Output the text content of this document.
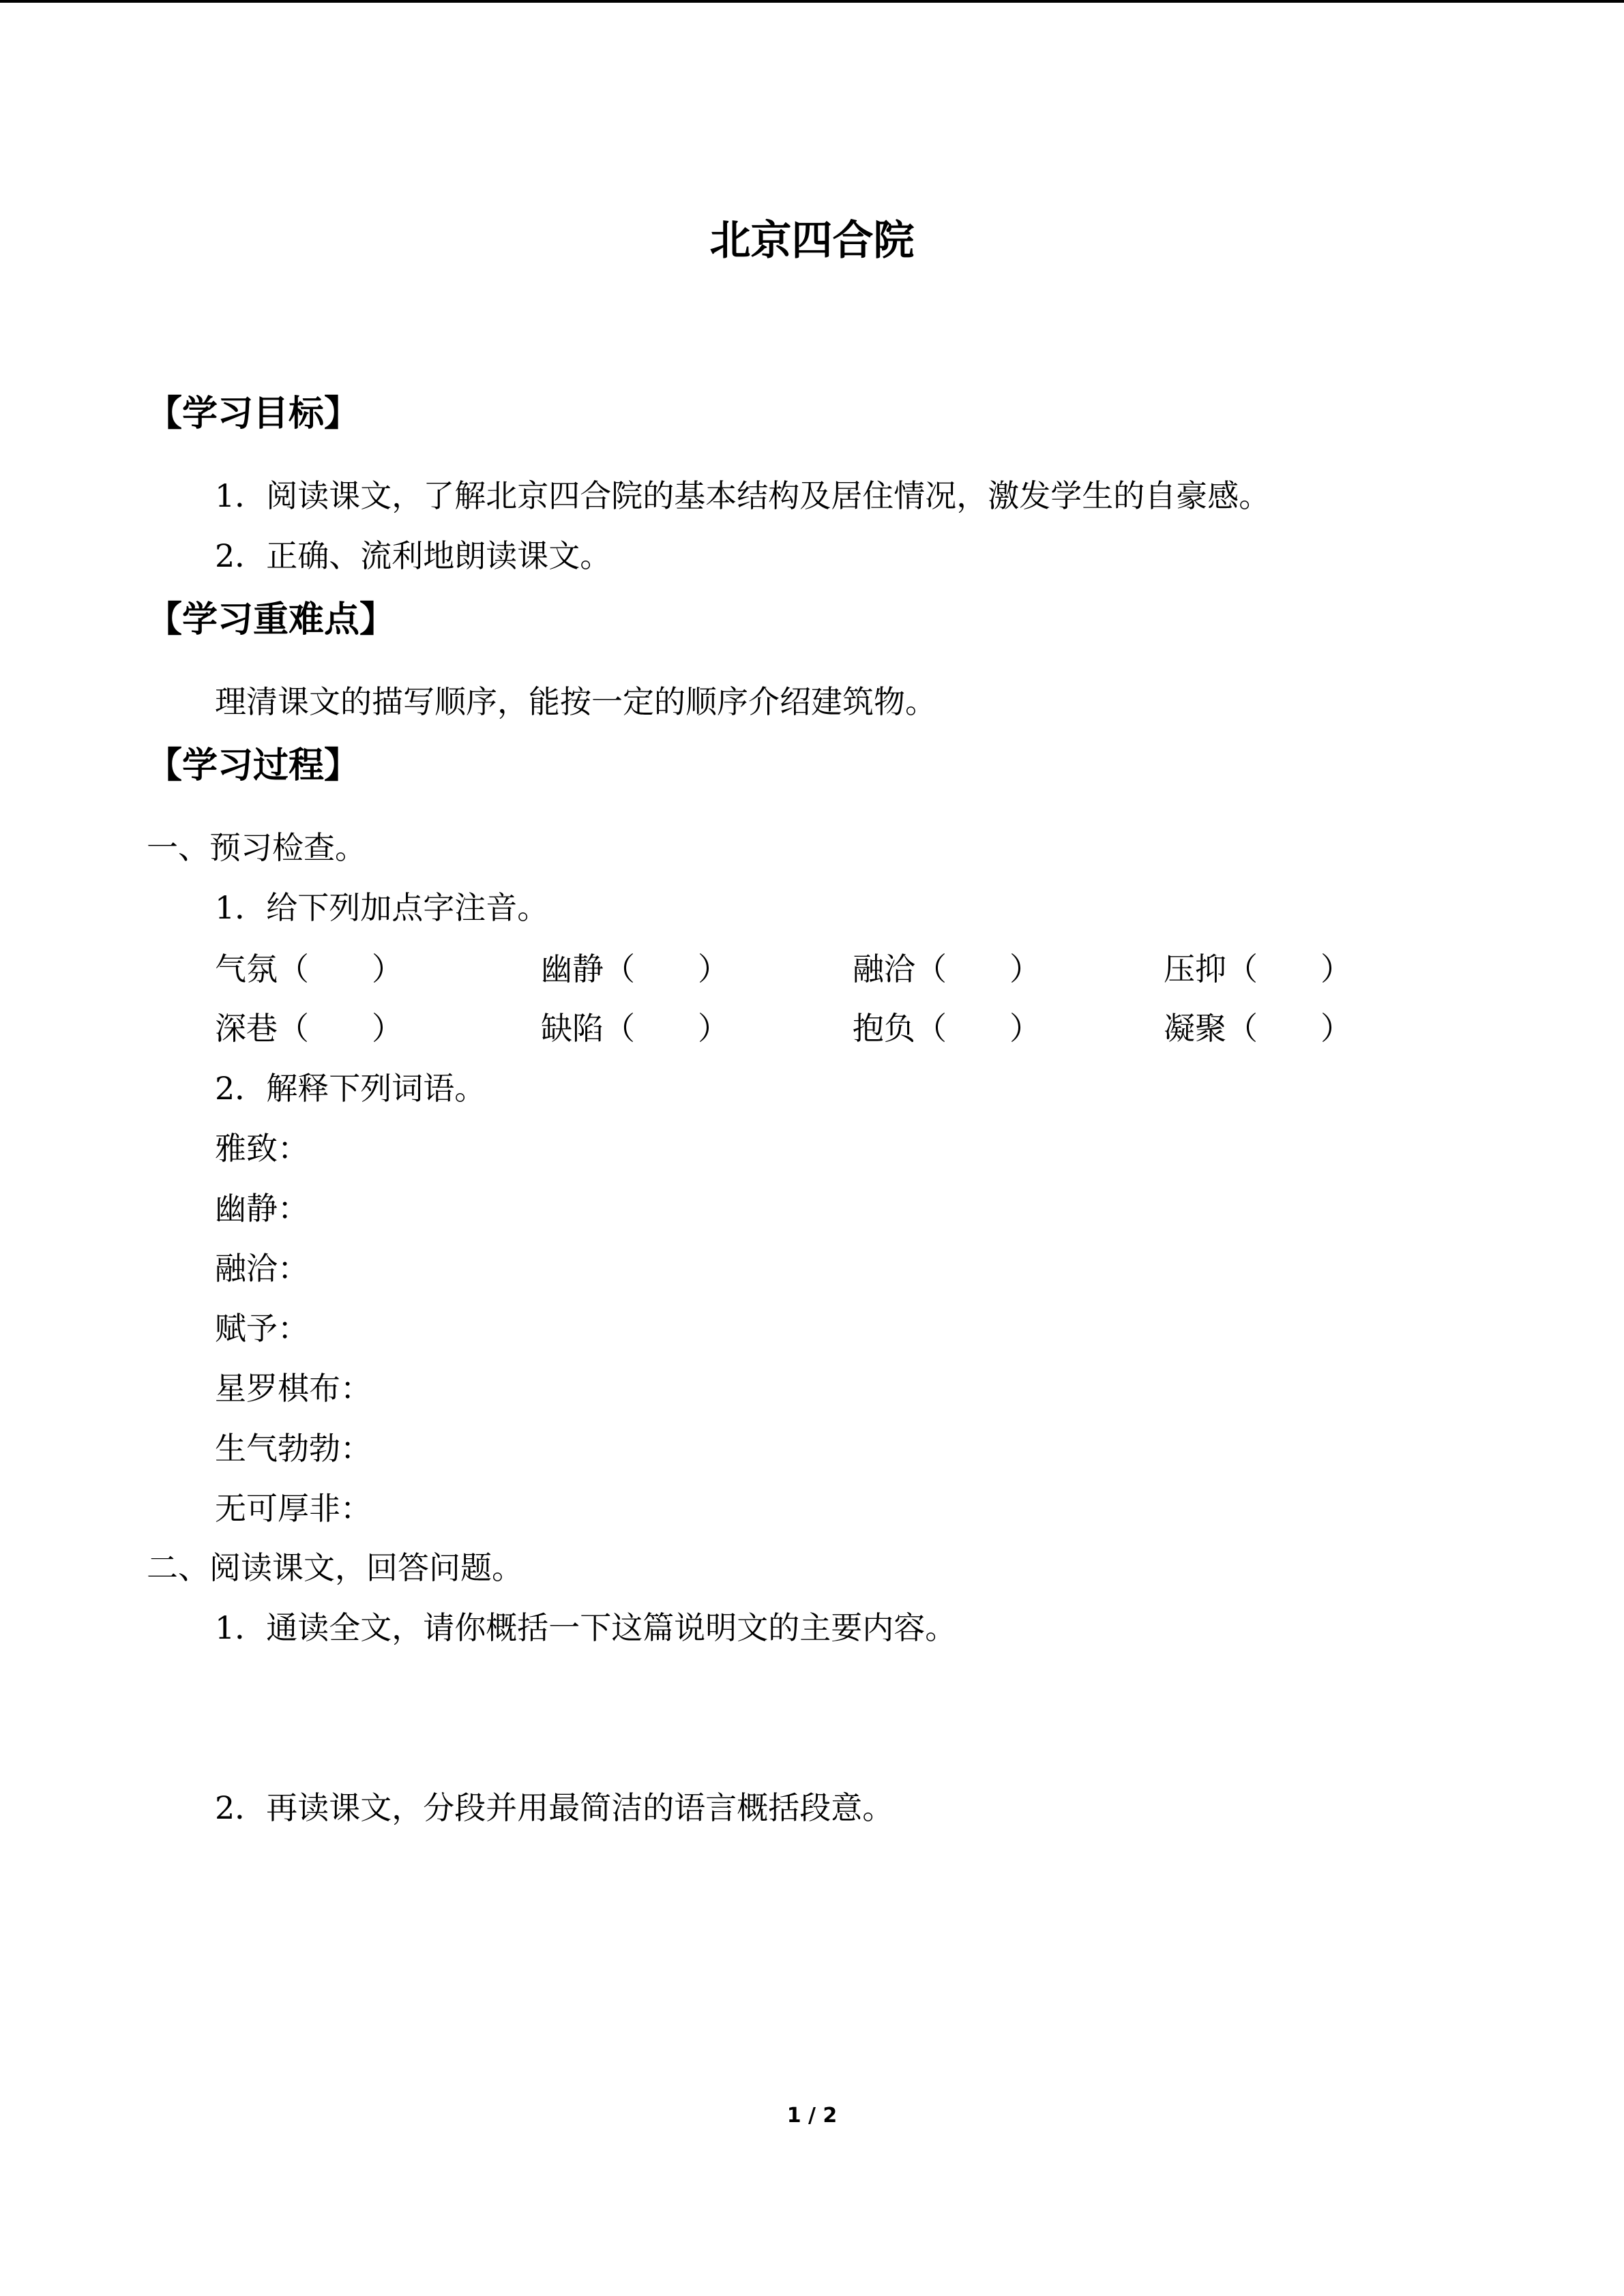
北京四合院
【学习目标】
1．阅读课文，了解北京四合院的基本结构及居住情况，激发学生的自豪感。
2．正确、流利地朗读课文。
【学习重难点】
理清课文的描写顺序，能按一定的顺序介绍建筑物。
【学习过程】
一、预习检查。
1．给下列加点字注音。
气氛（　　）	幽静（　　）	融洽（　　）	压抑（　　）
深巷（　　）	缺陷（　　）	抱负（　　）	凝聚（　　）
2．解释下列词语。
雅致：
幽静：
融洽：
赋予：
星罗棋布：
生气勃勃：
无可厚非：
二、阅读课文，回答问题。
1．通读全文，请你概括一下这篇说明文的主要内容。
2．再读课文，分段并用最简洁的语言概括段意。
1 / 2
